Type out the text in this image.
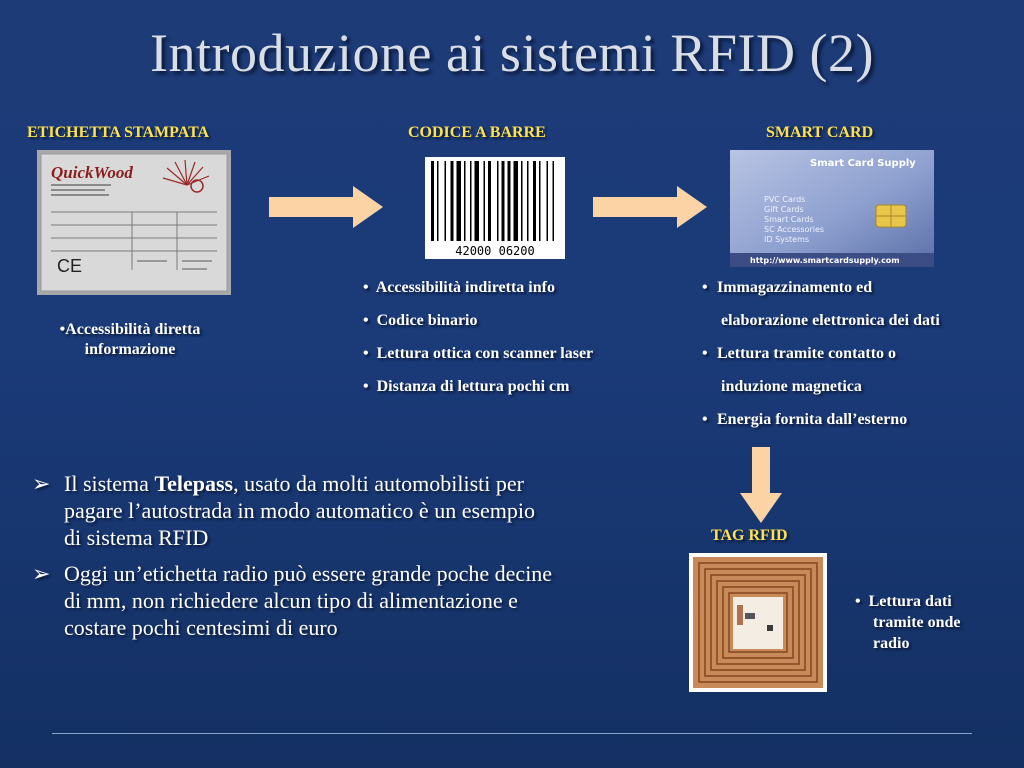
Introduzione ai sistemi RFID (2)
ETICHETTA STAMPATA	CODICE A BARRE	SMART CARD
QuickWood
CE
•Accessibilità diretta
informazione
42000 06200
•  Accessibilità indiretta info
•  Codice binario
•  Lettura ottica con scanner laser
•  Distanza di lettura pochi cm
Smart Card Supply
PVC Cards
Gift Cards
Smart Cards
SC Accessories
ID Systems
http://www.smartcardsupply.com
• Immagazzinamento ed
elaborazione elettronica dei dati
• Lettura tramite contatto o
induzione magnetica
• Energia fornita dall’esterno
TAG RFID
•  Lettura dati
tramite onde
radio
➢ Il sistema Telepass, usato da molti automobilisti per
pagare l’autostrada in modo automatico è un esempio
di sistema RFID
➢ Oggi un’etichetta radio può essere grande poche decine
di mm, non richiedere alcun tipo di alimentazione e
costare pochi centesimi di euro
